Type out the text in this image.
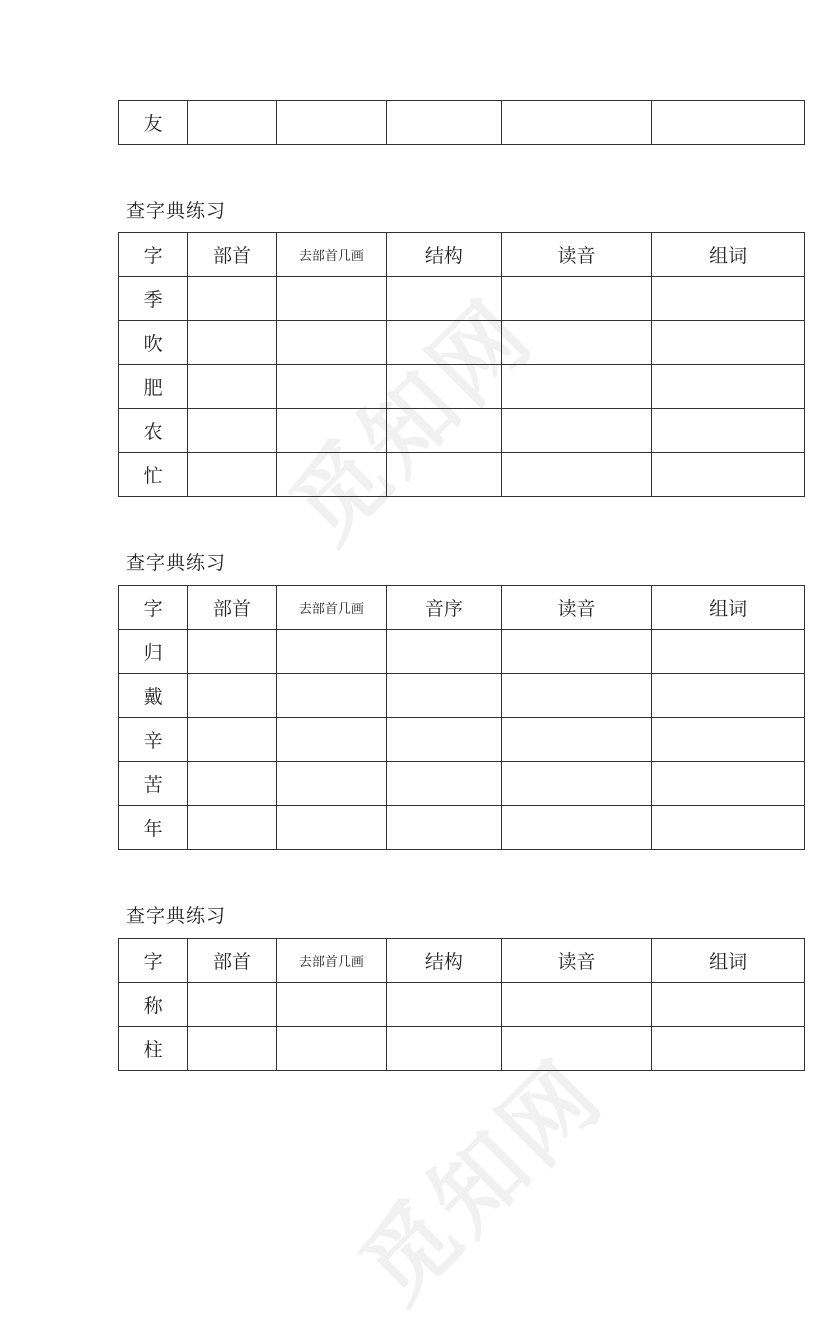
觅知网
觅知网
友					
查字典练习
字	部首	去部首几画	结构	读音	组词
季					
吹					
肥					
农					
忙					
查字典练习
字	部首	去部首几画	音序	读音	组词
归					
戴					
辛					
苦					
年					
查字典练习
字	部首	去部首几画	结构	读音	组词
称					
柱					
